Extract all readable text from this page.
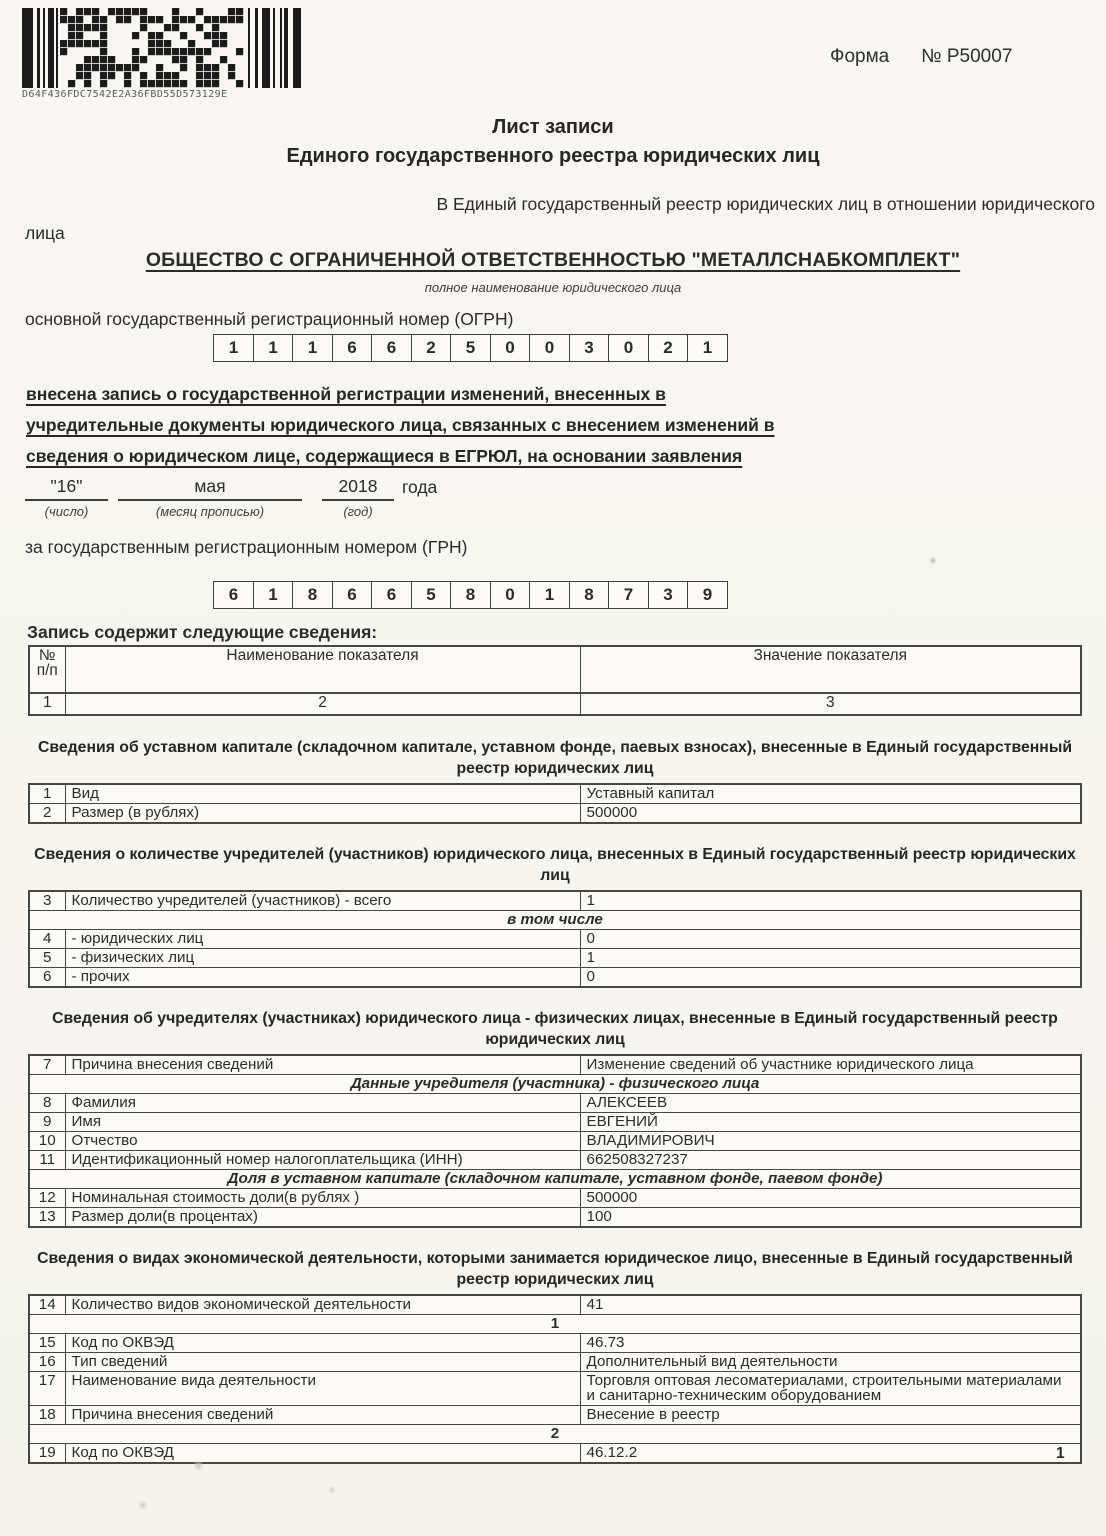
D64F436FDC7542E2A36FBD55D573129E
Форма № Р50007
Лист записи
Единого государственного реестра юридических лиц
В Единый государственный реестр юридических лиц в отношении юридического
лица
ОБЩЕСТВО С ОГРАНИЧЕННОЙ ОТВЕТСТВЕННОСТЬЮ "МЕТАЛЛСНАБКОМПЛЕКТ"
полное наименование юридического лица
основной государственный регистрационный номер (ОГРН)
1	1	1	6	6	2	5	0	0	3	0	2	1
внесена запись о государственной регистрации изменений, внесенных в
учредительные документы юридического лица, связанных с внесением изменений в
сведения о юридическом лице, содержащиеся в ЕГРЮЛ, на основании заявления
"16"	мая	2018	года
(число)	(месяц прописью)	(год)
за государственным регистрационным номером (ГРН)
6	1	8	6	6	5	8	0	1	8	7	3	9
Запись содержит следующие сведения:
№
п/п	Наименование показателя	Значение показателя
1	2	3
Сведения об уставном капитале (складочном капитале, уставном фонде, паевых взносах), внесенные в Единый государственный реестр юридических лиц
1	Вид	Уставный капитал
2	Размер (в рублях)	500000
Сведения о количестве учредителей (участников) юридического лица, внесенных в Единый государственный реестр юридических лиц
3	Количество учредителей (участников) - всего	1
в том числе		
4	- юридических лиц	0
5	- физических лиц	1
6	- прочих	0
Сведения об учредителях (участниках) юридического лица - физических лицах, внесенные в Единый государственный реестр юридических лиц
7	Причина внесения сведений	Изменение сведений об участнике юридического лица
Данные учредителя (участника) - физического лица		
8	Фамилия	АЛЕКСЕЕВ
9	Имя	ЕВГЕНИЙ
10	Отчество	ВЛАДИМИРОВИЧ
11	Идентификационный номер налогоплательщика (ИНН)	662508327237
Доля в уставном капитале (складочном капитале, уставном фонде, паевом фонде)		
12	Номинальная стоимость доли(в рублях )	500000
13	Размер доли(в процентах)	100
Сведения о видах экономической деятельности, которыми занимается юридическое лицо, внесенные в Единый государственный реестр юридических лиц
14	Количество видов экономической деятельности	41
1		
15	Код по ОКВЭД	46.73
16	Тип сведений	Дополнительный вид деятельности
17	Наименование вида деятельности	Торговля оптовая лесоматериалами, строительными материалами и санитарно-техническим оборудованием
18	Причина внесения сведений	Внесение в реестр
2		
19	Код по ОКВЭД	46.12.2	1
